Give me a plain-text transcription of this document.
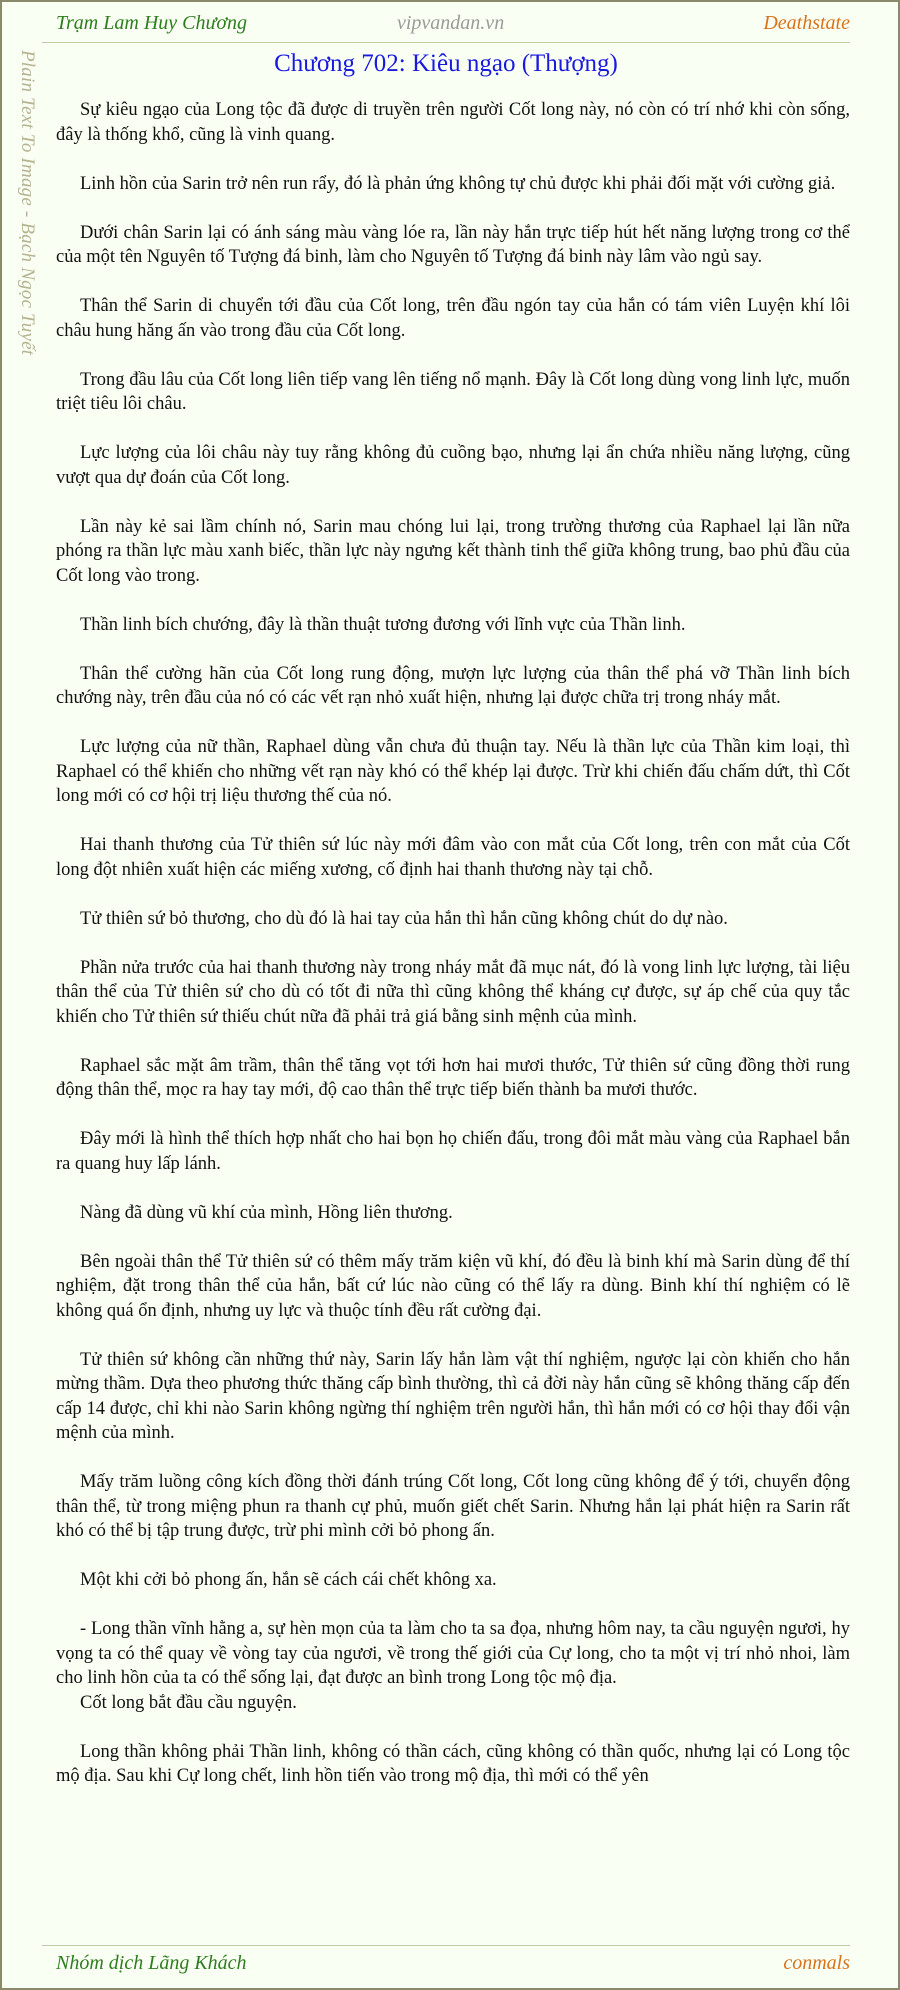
Trạm Lam Huy Chương	vipvandan.vn	Deathstate
Plain Text To Image - Bạch Ngọc Tuyết	Chương 702: Kiêu ngạo (Thượng)

Sự kiêu ngạo của Long tộc đã được di truyền trên người Cốt long này, nó còn có trí nhớ khi còn sống, đây là thống khổ, cũng là vinh quang.

Linh hồn của Sarin trở nên run rẩy, đó là phản ứng không tự chủ được khi phải đối mặt với cường giả.

Dưới chân Sarin lại có ánh sáng màu vàng lóe ra, lần này hắn trực tiếp hút hết năng lượng trong cơ thể của một tên Nguyên tố Tượng đá binh, làm cho Nguyên tố Tượng đá binh này lâm vào ngủ say.

Thân thể Sarin di chuyển tới đầu của Cốt long, trên đầu ngón tay của hắn có tám viên Luyện khí lôi châu hung hăng ấn vào trong đầu của Cốt long.

Trong đầu lâu của Cốt long liên tiếp vang lên tiếng nổ mạnh. Đây là Cốt long dùng vong linh lực, muốn triệt tiêu lôi châu.

Lực lượng của lôi châu này tuy rằng không đủ cuồng bạo, nhưng lại ẩn chứa nhiều năng lượng, cũng vượt qua dự đoán của Cốt long.

Lần này kẻ sai lầm chính nó, Sarin mau chóng lui lại, trong trường thương của Raphael lại lần nữa phóng ra thần lực màu xanh biếc, thần lực này ngưng kết thành tinh thể giữa không trung, bao phủ đầu của Cốt long vào trong.

Thần linh bích chướng, đây là thần thuật tương đương với lĩnh vực của Thần linh.

Thân thể cường hãn của Cốt long rung động, mượn lực lượng của thân thể phá vỡ Thần linh bích chướng này, trên đầu của nó có các vết rạn nhỏ xuất hiện, nhưng lại được chữa trị trong nháy mắt.

Lực lượng của nữ thần, Raphael dùng vẫn chưa đủ thuận tay. Nếu là thần lực của Thần kim loại, thì Raphael có thể khiến cho những vết rạn này khó có thể khép lại được. Trừ khi chiến đấu chấm dứt, thì Cốt long mới có cơ hội trị liệu thương thế của nó.

Hai thanh thương của Tử thiên sứ lúc này mới đâm vào con mắt của Cốt long, trên con mắt của Cốt long đột nhiên xuất hiện các miếng xương, cố định hai thanh thương này tại chỗ.

Tử thiên sứ bỏ thương, cho dù đó là hai tay của hắn thì hắn cũng không chút do dự nào.

Phần nửa trước của hai thanh thương này trong nháy mắt đã mục nát, đó là vong linh lực lượng, tài liệu thân thể của Tử thiên sứ cho dù có tốt đi nữa thì cũng không thể kháng cự được, sự áp chế của quy tắc khiến cho Tử thiên sứ thiếu chút nữa đã phải trả giá bằng sinh mệnh của mình.

Raphael sắc mặt âm trầm, thân thể tăng vọt tới hơn hai mươi thước, Tử thiên sứ cũng đồng thời rung động thân thể, mọc ra hay tay mới, độ cao thân thể trực tiếp biến thành ba mươi thước.

Đây mới là hình thể thích hợp nhất cho hai bọn họ chiến đấu, trong đôi mắt màu vàng của Raphael bắn ra quang huy lấp lánh.

Nàng đã dùng vũ khí của mình, Hồng liên thương.

Bên ngoài thân thể Tử thiên sứ có thêm mấy trăm kiện vũ khí, đó đều là binh khí mà Sarin dùng để thí nghiệm, đặt trong thân thể của hắn, bất cứ lúc nào cũng có thể lấy ra dùng. Binh khí thí nghiệm có lẽ không quá ổn định, nhưng uy lực và thuộc tính đều rất cường đại.

Tử thiên sứ không cần những thứ này, Sarin lấy hắn làm vật thí nghiệm, ngược lại còn khiến cho hắn mừng thầm. Dựa theo phương thức thăng cấp bình thường, thì cả đời này hắn cũng sẽ không thăng cấp đến cấp 14 được, chỉ khi nào Sarin không ngừng thí nghiệm trên người hắn, thì hắn mới có cơ hội thay đổi vận mệnh của mình.

Mấy trăm luồng công kích đồng thời đánh trúng Cốt long, Cốt long cũng không để ý tới, chuyển động thân thể, từ trong miệng phun ra thanh cự phủ, muốn giết chết Sarin. Nhưng hắn lại phát hiện ra Sarin rất khó có thể bị tập trung được, trừ phi mình cởi bỏ phong ấn.

Một khi cởi bỏ phong ấn, hắn sẽ cách cái chết không xa.

- Long thần vĩnh hằng a, sự hèn mọn của ta làm cho ta sa đọa, nhưng hôm nay, ta cầu nguyện ngươi, hy vọng ta có thể quay về vòng tay của ngươi, về trong thế giới của Cự long, cho ta một vị trí nhỏ nhoi, làm cho linh hồn của ta có thể sống lại, đạt được an bình trong Long tộc mộ địa.

Cốt long bắt đầu cầu nguyện.

Long thần không phải Thần linh, không có thần cách, cũng không có thần quốc, nhưng lại có Long tộc mộ địa. Sau khi Cự long chết, linh hồn tiến vào trong mộ địa, thì mới có thể yên

Nhóm dịch Lãng Khách	conmals
